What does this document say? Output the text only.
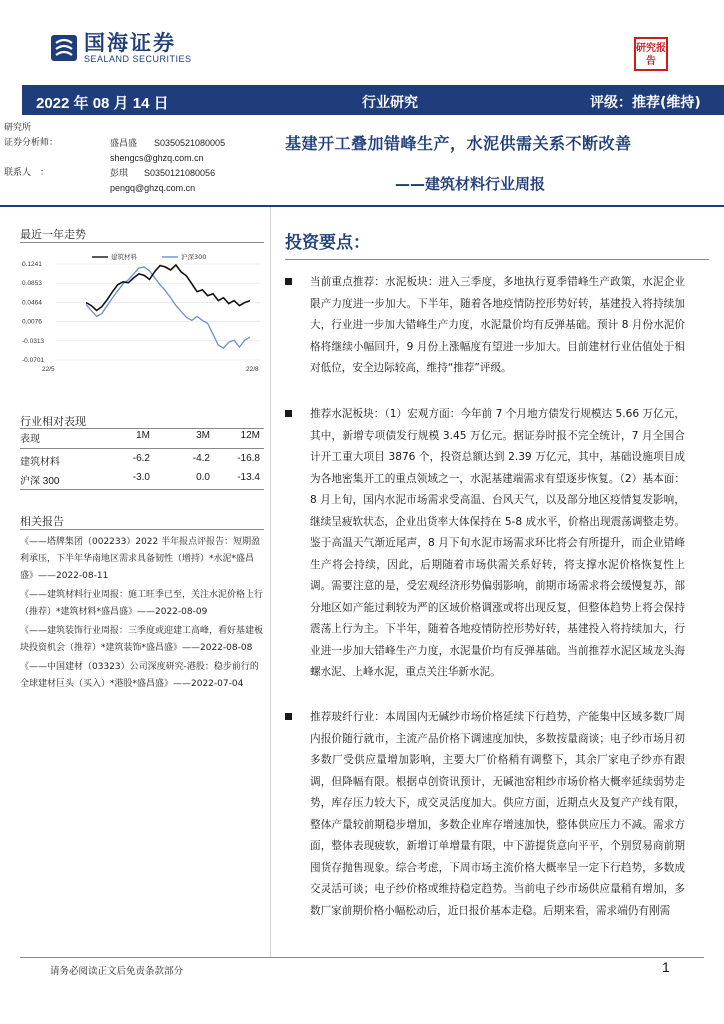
国海证券
SEALAND SECURITIES
研究报告
2022 年 08 月 14 日	行业研究	评级：推荐(维持)
研究所
证券分析师：	盛昌盛 S0350521080005
shengcs@ghzq.com.cn
联系人　：	彭琪 S0350121080056
pengq@ghzq.com.cn
基建开工叠加错峰生产，水泥供需关系不断改善
——建筑材料行业周报
最近一年走势
0.1241
0.0853
0.0464
0.0076
-0.0313
-0.0701
建筑材料	沪深300
22/5	22/8
行业相对表现
表现	1M	3M	12M
建筑材料	-6.2	-4.2	-16.8
沪深 300	-3.0	0.0	-13.4
相关报告

《——塔牌集团（002233）2022 半年报点评报告：短期盈利承压，下半年华南地区需求具备韧性（增持）*水泥*盛昌盛》——2022-08-11

《——建筑材料行业周报：施工旺季已至，关注水泥价格上行（推荐）*建筑材料*盛昌盛》——2022-08-09

《——建筑装饰行业周报：三季度或迎建工高峰，看好基建板块投资机会（推荐）*建筑装饰*盛昌盛》——2022-08-08

《——中国建材（03323）公司深度研究-港股：稳步前行的全球建材巨头（买入）*港股*盛昌盛》——2022-07-04

投资要点：
当前重点推荐：水泥板块：进入三季度，多地执行夏季错峰生产政策，水泥企业限产力度进一步加大。下半年，随着各地疫情防控形势好转，基建投入将持续加大，行业进一步加大错峰生产力度，水泥量价均有反弹基础。预计 8 月份水泥价格将继续小幅回升，9 月份上涨幅度有望进一步加大。目前建材行业估值处于相对低位，安全边际较高，维持“推荐”评级。
推荐水泥板块：（1）宏观方面：今年前 7 个月地方债发行规模达 5.66 万亿元，其中，新增专项债发行规模 3.45 万亿元。据证券时报不完全统计，7 月全国合计开工重大项目 3876 个，投资总额达到 2.39 万亿元，其中，基础设施项目成为各地密集开工的重点领域之一，水泥基建端需求有望逐步恢复。（2）基本面：8 月上旬，国内水泥市场需求受高温、台风天气，以及部分地区疫情复发影响，继续呈疲软状态，企业出货率大体保持在 5-8 成水平，价格出现震荡调整走势。鉴于高温天气渐近尾声，8 月下旬水泥市场需求环比将会有所提升，而企业错峰生产将会持续，因此，后期随着市场供需关系好转，将支撑水泥价格恢复性上调。需要注意的是，受宏观经济形势偏弱影响，前期市场需求将会缓慢复苏，部分地区如产能过剩较为严的区域价格调涨或将出现反复，但整体趋势上将会保持震荡上行为主。下半年，随着各地疫情防控形势好转，基建投入将持续加大，行业进一步加大错峰生产力度，水泥量价均有反弹基础。当前推荐水泥区域龙头海螺水泥、上峰水泥，重点关注华新水泥。
推荐玻纤行业：本周国内无碱纱市场价格延续下行趋势，产能集中区域多数厂周内报价随行就市，主流产品价格下调速度加快，多数按量商谈；电子纱市场月初多数厂受供应量增加影响，主要大厂价格稍有调整下，其余厂家电子纱亦有跟调，但降幅有限。根据卓创资讯预计，无碱池窑粗纱市场价格大概率延续弱势走势，库存压力较大下，成交灵活度加大。供应方面，近期点火及复产产线有限，整体产量较前期稳步增加，多数企业库存增速加快，整体供应压力不减。需求方面，整体表现疲软，新增订单增量有限，中下游提货意向平平，个别贸易商前期囤货存抛售现象。综合考虑，下周市场主流价格大概率呈一定下行趋势，多数成交灵活可谈；电子纱价格或维持稳定趋势。当前电子纱市场供应量稍有增加，多数厂家前期价格小幅松动后，近日报价基本走稳。后期来看，需求端仍有刚需
请务必阅读正文后免责条款部分	1
